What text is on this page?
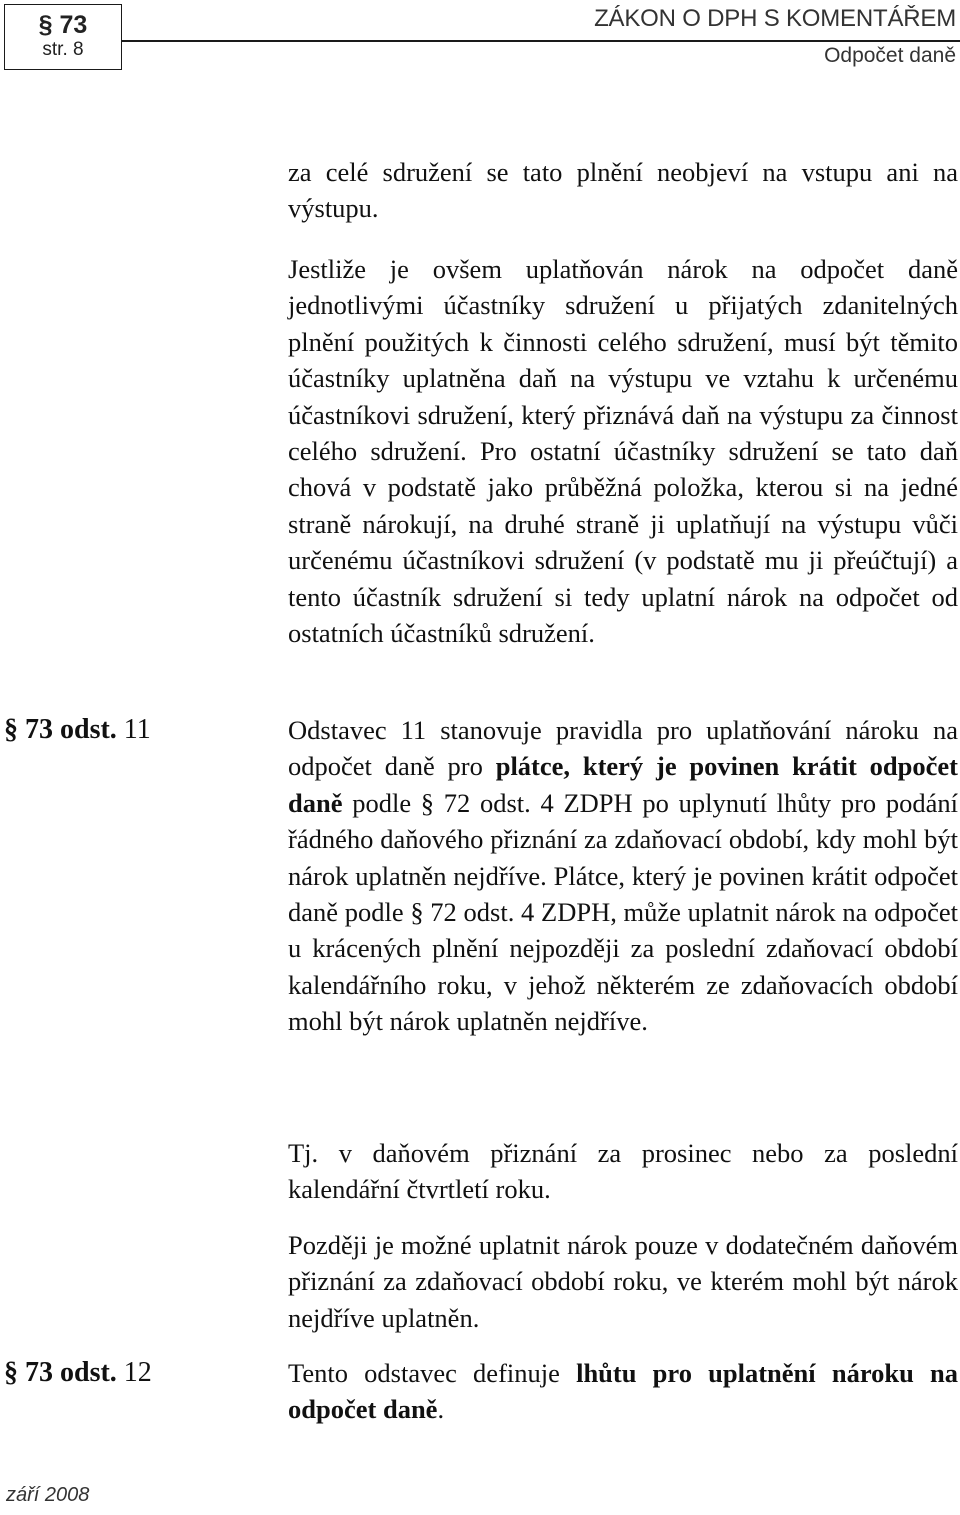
§ 73
str. 8
ZÁKON O DPH S KOMENTÁŘEM
Odpočet daně

za celé sdružení se tato plnění neobjeví na vstupu ani na výstupu.

Jestliže je ovšem uplatňován nárok na odpočet daně jednotlivými účastníky sdružení u přijatých zdanitelných plnění použitých k činnosti celého sdružení, musí být těmito účastníky uplatněna daň na výstupu ve vztahu k určenému účastníkovi sdružení, který přiznává daň na výstupu za činnost celého sdružení. Pro ostatní účastníky sdružení se tato daň chová v podstatě jako průběžná položka, kterou si na jedné straně nárokují, na druhé straně ji uplatňují na výstupu vůči určenému účastníkovi sdružení (v podstatě mu ji přeúčtují) a tento účastník sdružení si tedy uplatní nárok na odpočet od ostatních účastníků sdružení.

§ 73 odst. 11	Odstavec 11 stanovuje pravidla pro uplatňování nároku na odpočet daně pro plátce, který je povinen krátit odpočet daně podle § 72 odst. 4 ZDPH po uplynutí lhůty pro podání řádného daňového přiznání za zdaňovací období, kdy mohl být nárok uplatněn nejdříve. Plátce, který je povinen krátit odpočet daně podle § 72 odst. 4 ZDPH, může uplatnit nárok na odpočet u krácených plnění nejpozději za poslední zdaňovací období kalendářního roku, v jehož některém ze zdaňovacích období mohl být nárok uplatněn nejdříve.

Tj. v daňovém přiznání za prosinec nebo za poslední kalendářní čtvrtletí roku.

Později je možné uplatnit nárok pouze v dodatečném daňovém přiznání za zdaňovací období roku, ve kterém mohl být nárok nejdříve uplatněn.

§ 73 odst. 12	Tento odstavec definuje lhůtu pro uplatnění nároku na odpočet daně.

září 2008
